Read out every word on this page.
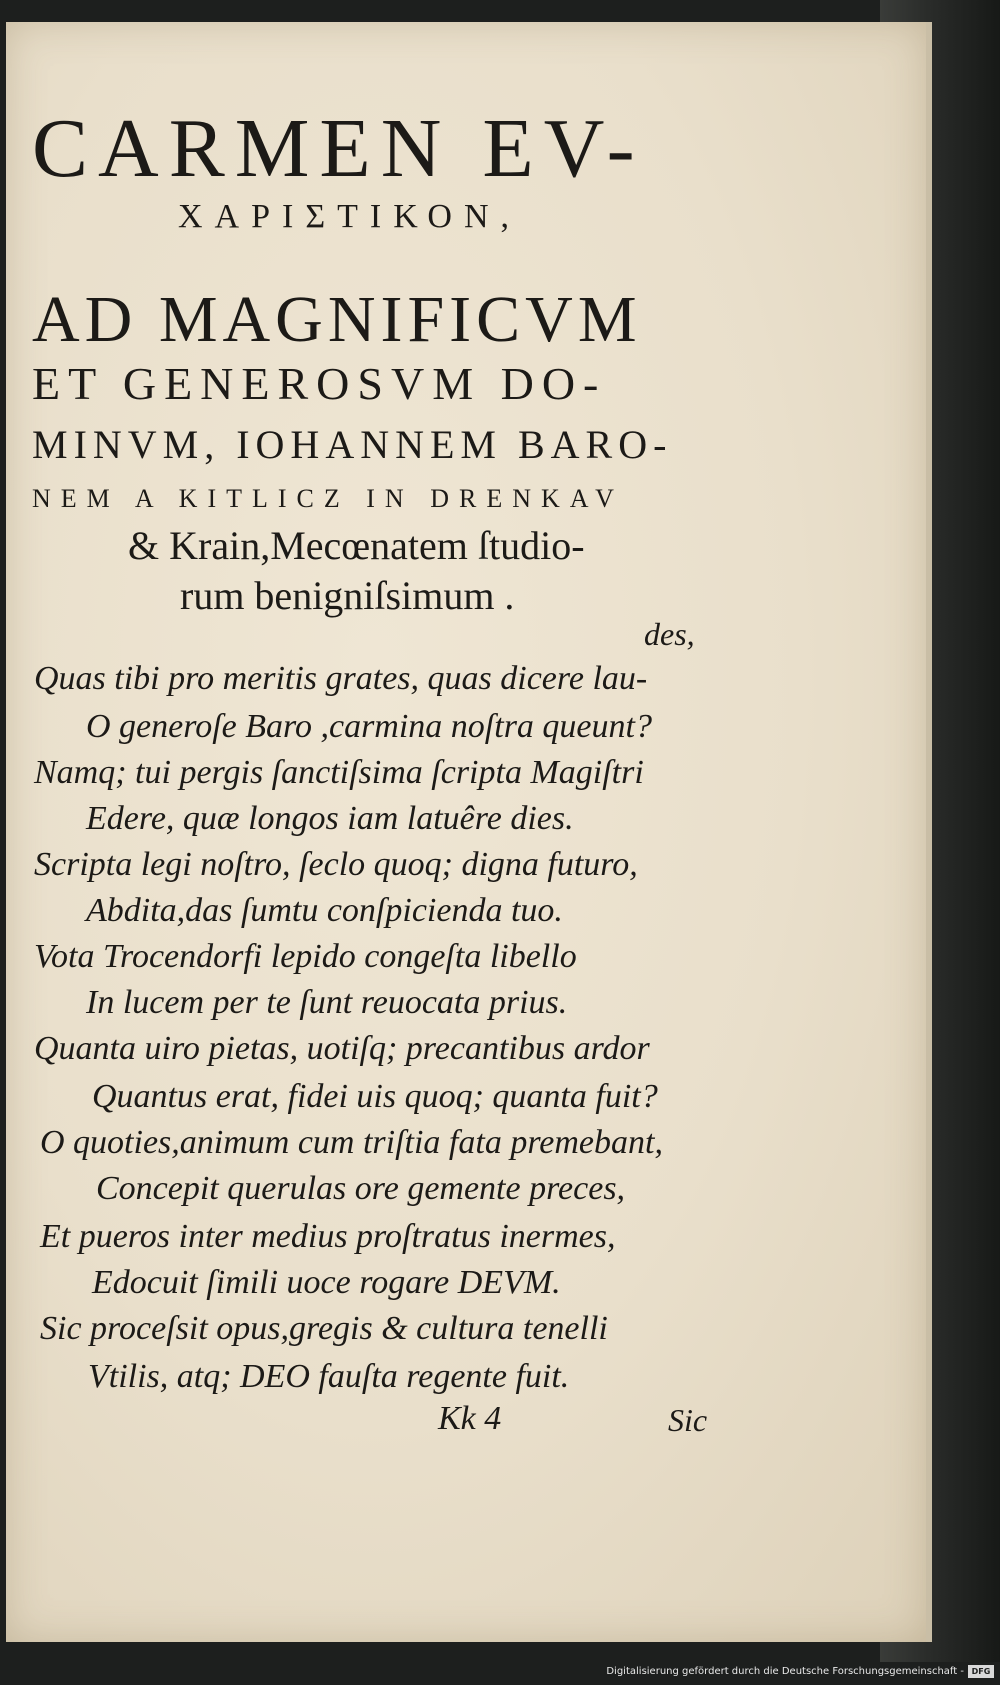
CARMEN EV-
ΧΑΡΙΣΤΙΚΟΝ,
AD MAGNIFICVM
ET GENEROSVM DO-
MINVM, IOHANNEM BARO-
NEM A KITLICZ IN DRENKAV
& Krain,Mecœnatem ſtudio-
rum benigniſsimum .
des,
Quas tibi pro meritis grates, quas dicere lau-
O generoſe Baro ,carmina noſtra queunt?
Namq; tui pergis ſanctiſsima ſcripta Magiſtri
Edere, quæ longos iam latuêre dies.
Scripta legi noſtro, ſeclo quoq; digna futuro,
Abdita,das ſumtu conſpicienda tuo.
Vota Trocendorfi lepido congeſta libello
In lucem per te ſunt reuocata prius.
Quanta uiro pietas, uotiſq; precantibus ardor
Quantus erat, fidei uis quoq; quanta fuit?
O quoties,animum cum triſtia fata premebant,
Concepit querulas ore gemente preces,
Et pueros inter medius proſtratus inermes,
Edocuit ſimili uoce rogare DEVM.
Sic proceſsit opus,gregis & cultura tenelli
Vtilis, atq; DEO fauſta regente fuit.
Kk 4	Sic
Digitalisierung gefördert durch die Deutsche Forschungsgemeinschaft - DFG
